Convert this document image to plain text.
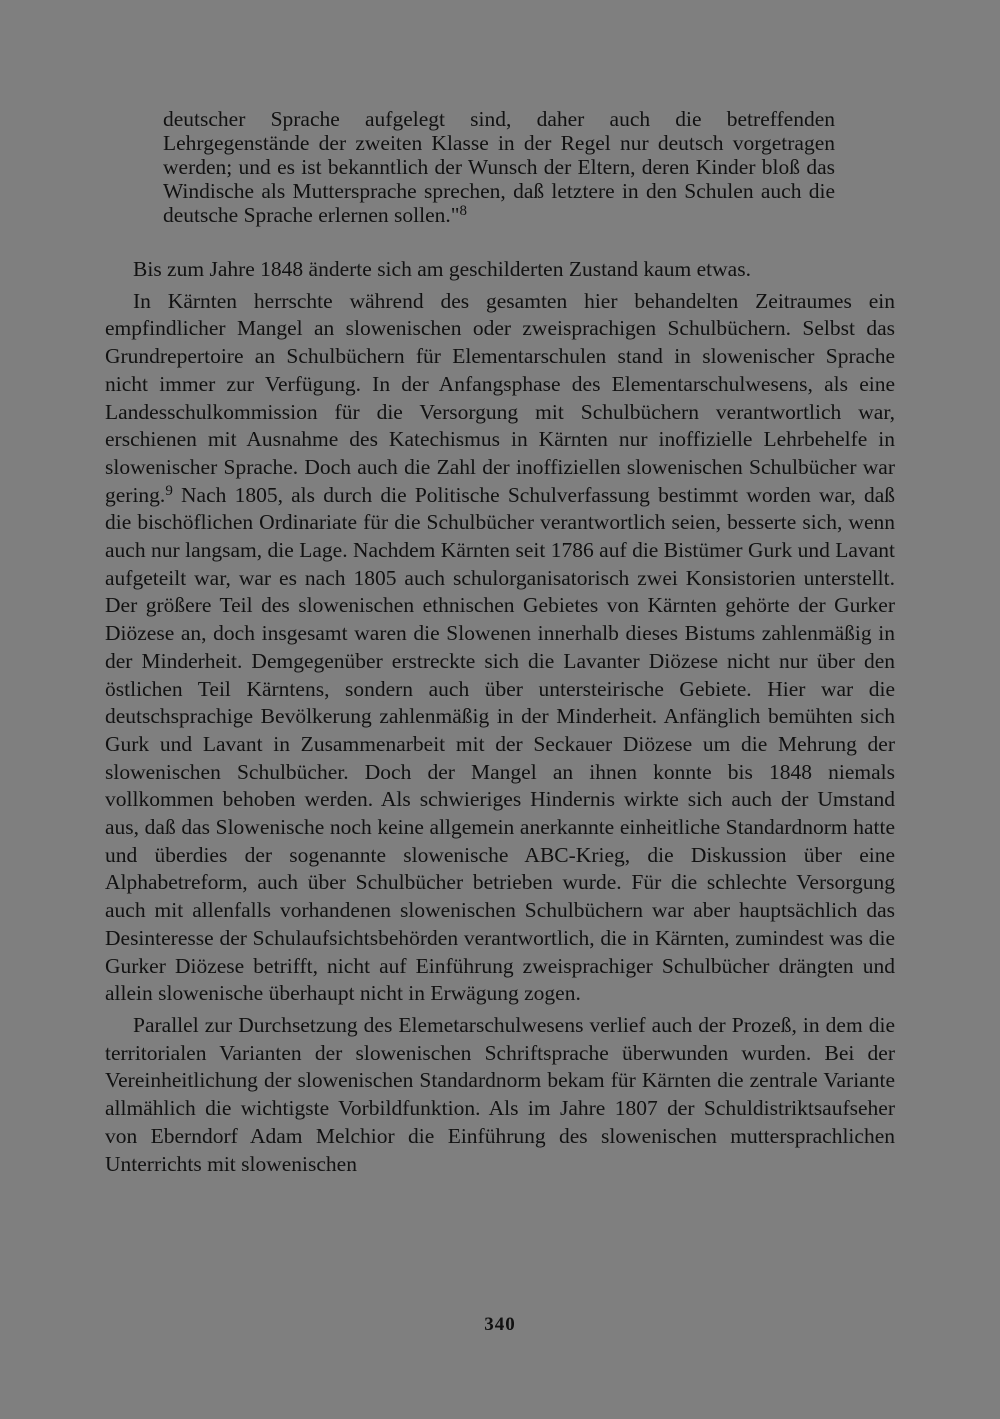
deutscher Sprache aufgelegt sind, daher auch die betreffenden Lehrgegenstände der zweiten Klasse in der Regel nur deutsch vorgetragen werden; und es ist bekanntlich der Wunsch der Eltern, deren Kinder bloß das Windische als Muttersprache sprechen, daß letztere in den Schulen auch die deutsche Sprache erlernen sollen."$^8$

Bis zum Jahre 1848 änderte sich am geschilderten Zustand kaum etwas.

In Kärnten herrschte während des gesamten hier behandelten Zeitraumes ein empfindlicher Mangel an slowenischen oder zweisprachigen Schulbüchern. Selbst das Grundrepertoire an Schulbüchern für Elementarschulen stand in slowenischer Sprache nicht immer zur Verfügung. In der Anfangsphase des Elementarschulwesens, als eine Landesschulkommission für die Versorgung mit Schulbüchern verantwortlich war, erschienen mit Ausnahme des Katechismus in Kärnten nur inoffizielle Lehrbehelfe in slowenischer Sprache. Doch auch die Zahl der inoffiziellen slowenischen Schulbücher war gering.$^9$ Nach 1805, als durch die Politische Schulverfassung bestimmt worden war, daß die bischöflichen Ordinariate für die Schulbücher verantwortlich seien, besserte sich, wenn auch nur langsam, die Lage. Nachdem Kärnten seit 1786 auf die Bistümer Gurk und Lavant aufgeteilt war, war es nach 1805 auch schulorganisatorisch zwei Konsistorien unterstellt. Der größere Teil des slowenischen ethnischen Gebietes von Kärnten gehörte der Gurker Diözese an, doch insgesamt waren die Slowenen innerhalb dieses Bistums zahlenmäßig in der Minderheit. Demgegenüber erstreckte sich die Lavanter Diözese nicht nur über den östlichen Teil Kärntens, sondern auch über untersteirische Gebiete. Hier war die deutschsprachige Bevölkerung zahlenmäßig in der Minderheit. Anfänglich bemühten sich Gurk und Lavant in Zusammenarbeit mit der Seckauer Diözese um die Mehrung der slowenischen Schulbücher. Doch der Mangel an ihnen konnte bis 1848 niemals vollkommen behoben werden. Als schwieriges Hindernis wirkte sich auch der Umstand aus, daß das Slowenische noch keine allgemein anerkannte einheitliche Standardnorm hatte und überdies der sogenannte slowenische ABC-Krieg, die Diskussion über eine Alphabetreform, auch über Schulbücher betrieben wurde. Für die schlechte Versorgung auch mit allenfalls vorhandenen slowenischen Schulbüchern war aber hauptsächlich das Desinteresse der Schulaufsichtsbehörden verantwortlich, die in Kärnten, zumindest was die Gurker Diözese betrifft, nicht auf Einführung zweisprachiger Schulbücher drängten und allein slowenische überhaupt nicht in Erwägung zogen.

Parallel zur Durchsetzung des Elemetarschulwesens verlief auch der Prozeß, in dem die territorialen Varianten der slowenischen Schriftsprache überwunden wurden. Bei der Vereinheitlichung der slowenischen Standardnorm bekam für Kärnten die zentrale Variante allmählich die wichtigste Vorbildfunktion. Als im Jahre 1807 der Schuldistriktsaufseher von Eberndorf Adam Melchior die Einführung des slowenischen muttersprachlichen Unterrichts mit slowenischen

340
